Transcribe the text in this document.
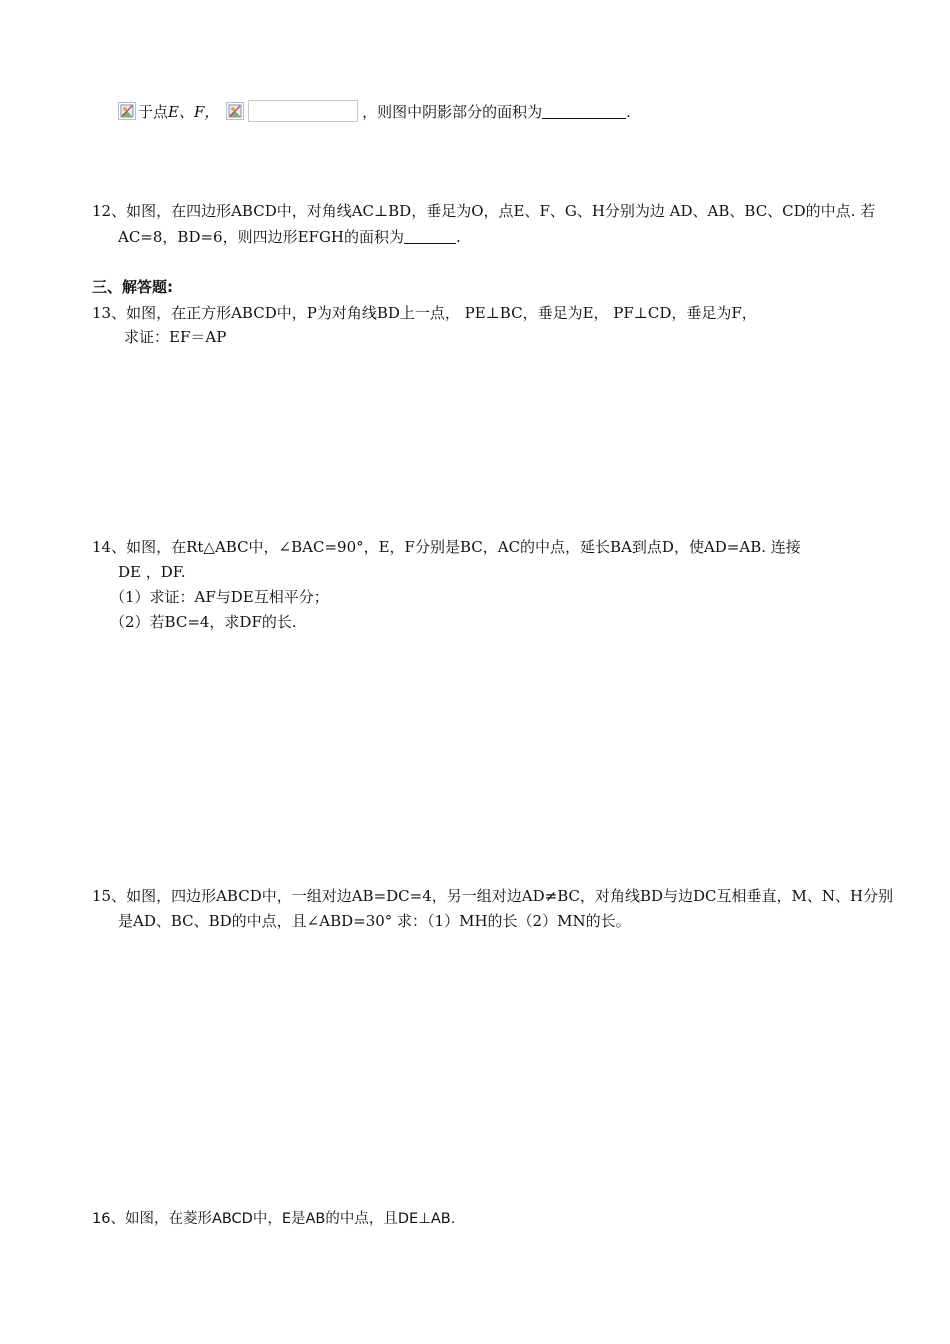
于点E、F，	，则图中阴影部分的面积为	.
12、如图，在四边形ABCD中，对角线AC⊥BD，垂足为O，点E、F、G、H分别为边 AD、AB、BC、CD的中点. 若
AC=8，BD=6，则四边形EFGH的面积为	.
三、解答题:
13、如图，在正方形ABCD中，P为对角线BD上一点， PE⊥BC，垂足为E， PF⊥CD，垂足为F，
求证：EF＝AP
14、如图，在Rt△ABC中，∠BAC=90°，E，F分别是BC，AC的中点，延长BA到点D，使AD=AB. 连接
DE ，DF.
（1）求证：AF与DE互相平分；
（2）若BC=4，求DF的长.
15、如图，四边形ABCD中，一组对边AB=DC=4，另一组对边AD≠BC，对角线BD与边DC互相垂直，M、N、H分别
是AD、BC、BD的中点，且∠ABD=30° 求：（1）MH的长（2）MN的长。
16、如图，在菱形ABCD中，E是AB的中点，且DE⊥AB.
